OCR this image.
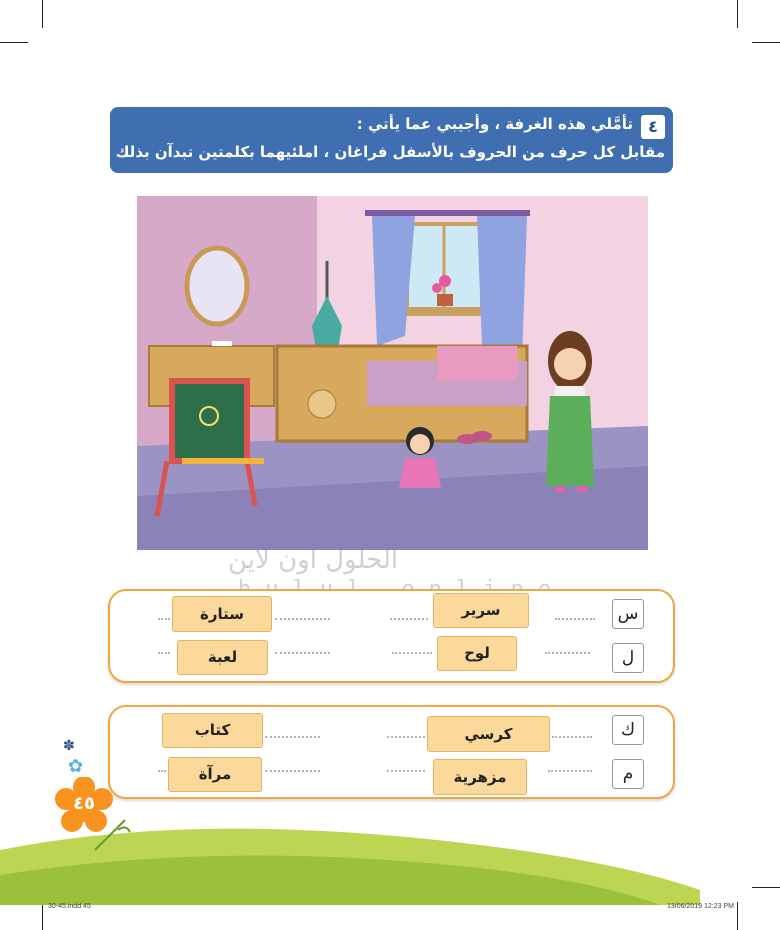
٤
تأمَّلي هذه الغرفة ، وأجيبي عما يأتي :
مقابل كل حرف من الحروف بالأسفل فراغان ، املئيهما بكلمتين تبدآن بذلك
الحلول اون لاين
س
ل
سرير
ستارة
لوح
لعبة
ك
م
كرسي
كتاب
مزهرية
مرآة
٤٥
✽
✿
30-45.indd 45	13/06/2019 12:23 PM
